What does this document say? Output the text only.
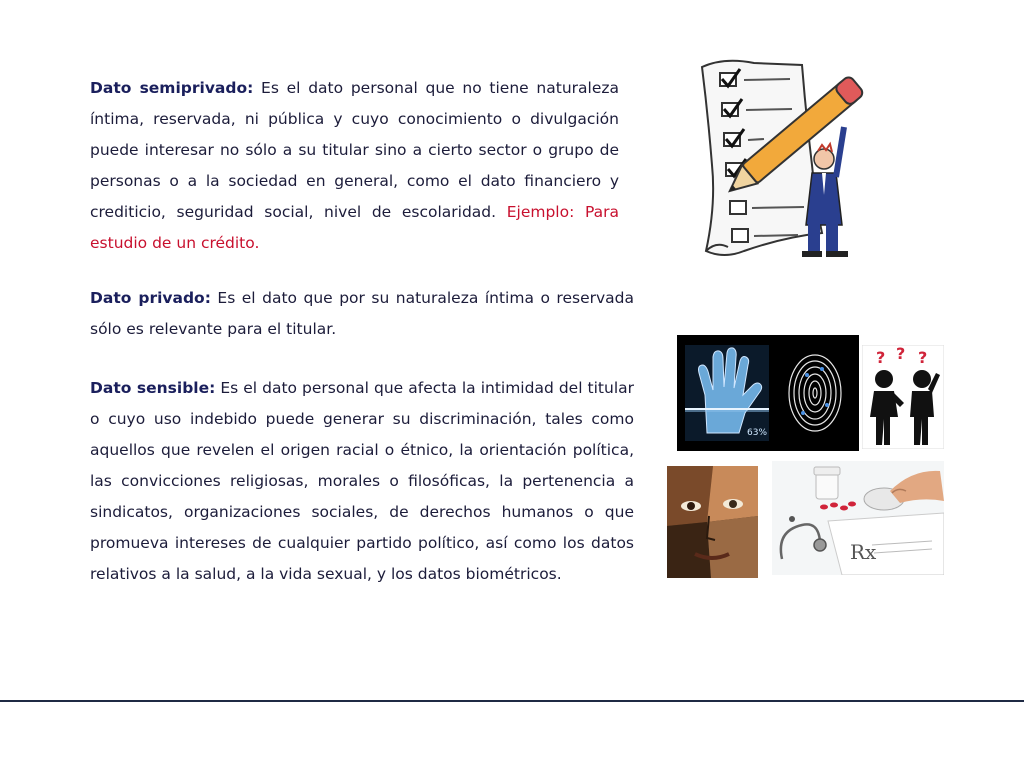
Dato semiprivado: Es el dato personal que no tiene naturaleza íntima, reservada, ni pública y cuyo conocimiento o divulgación puede interesar no sólo a su titular sino a cierto sector o grupo de personas o a la sociedad en general, como el dato financiero y crediticio, seguridad social, nivel de escolaridad. Ejemplo: Para estudio de un crédito.
Dato privado: Es el dato que por su naturaleza íntima o reservada sólo es relevante para el titular.
Dato sensible: Es el dato personal que afecta la intimidad del titular o cuyo uso indebido puede generar su discriminación, tales como aquellos que revelen el origen racial o étnico, la orientación política, las convicciones religiosas, morales o filosóficas, la pertenencia a sindicatos, organizaciones sociales, de derechos humanos o que promueva intereses de cualquier partido político, así como los datos relativos a la salud, a la vida sexual, y los datos biométricos.
63%
? ? ?
Rx
